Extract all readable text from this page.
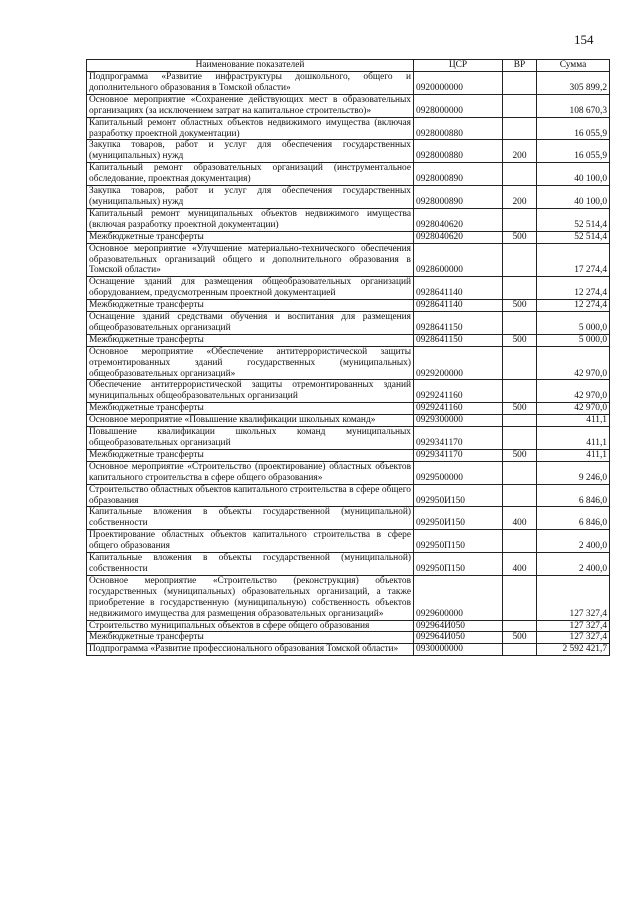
154
Наименование показателей	ЦСР	ВР	Сумма
Подпрограмма «Развитие инфраструктуры дошкольного, общего и дополнительного образования в Томской области»	0920000000		305 899,2
Основное мероприятие «Сохранение действующих мест в образовательных организациях (за исключением затрат на капитальное строительство)»	0928000000		108 670,3
Капитальный ремонт областных объектов недвижимого имущества (включая разработку проектной документации)	0928000880		16 055,9
Закупка товаров, работ и услуг для обеспечения государственных (муниципальных) нужд	0928000880	200	16 055,9
Капитальный ремонт образовательных организаций (инструментальное обследование, проектная документация)	0928000890		40 100,0
Закупка товаров, работ и услуг для обеспечения государственных (муниципальных) нужд	0928000890	200	40 100,0
Капитальный ремонт муниципальных объектов недвижимого имущества (включая разработку проектной документации)	0928040620		52 514,4
Межбюджетные трансферты	0928040620	500	52 514,4
Основное мероприятие «Улучшение материально-технического обеспечения образовательных организаций общего и дополнительного образования в Томской области»	0928600000		17 274,4
Оснащение зданий для размещения общеобразовательных организаций оборудованием, предусмотренным проектной документацией	0928641140		12 274,4
Межбюджетные трансферты	0928641140	500	12 274,4
Оснащение зданий средствами обучения и воспитания для размещения общеобразовательных организаций	0928641150		5 000,0
Межбюджетные трансферты	0928641150	500	5 000,0
Основное мероприятие «Обеспечение антитеррористической защиты отремонтированных зданий государственных (муниципальных) общеобразовательных организаций»	0929200000		42 970,0
Обеспечение антитеррористической защиты отремонтированных зданий муниципальных общеобразовательных организаций	0929241160		42 970,0
Межбюджетные трансферты	0929241160	500	42 970,0
Основное мероприятие «Повышение квалификации школьных команд»	0929300000		411,1
Повышение квалификации школьных команд муниципальных общеобразовательных организаций	0929341170		411,1
Межбюджетные трансферты	0929341170	500	411,1
Основное мероприятие «Строительство (проектирование) областных объектов капитального строительства в сфере общего образования»	0929500000		9 246,0
Строительство областных объектов капитального строительства в сфере общего образования	092950И150		6 846,0
Капитальные вложения в объекты государственной (муниципальной) собственности	092950И150	400	6 846,0
Проектирование областных объектов капитального строительства в сфере общего образования	092950П150		2 400,0
Капитальные вложения в объекты государственной (муниципальной) собственности	092950П150	400	2 400,0
Основное мероприятие «Строительство (реконструкция) объектов государственных (муниципальных) образовательных организаций, а также приобретение в государственную (муниципальную) собственность объектов недвижимого имущества для размещения образовательных организаций»	0929600000		127 327,4
Строительство муниципальных объектов в сфере общего образования	092964И050		127 327,4
Межбюджетные трансферты	092964И050	500	127 327,4
Подпрограмма «Развитие профессионального образования Томской области»	0930000000		2 592 421,7
